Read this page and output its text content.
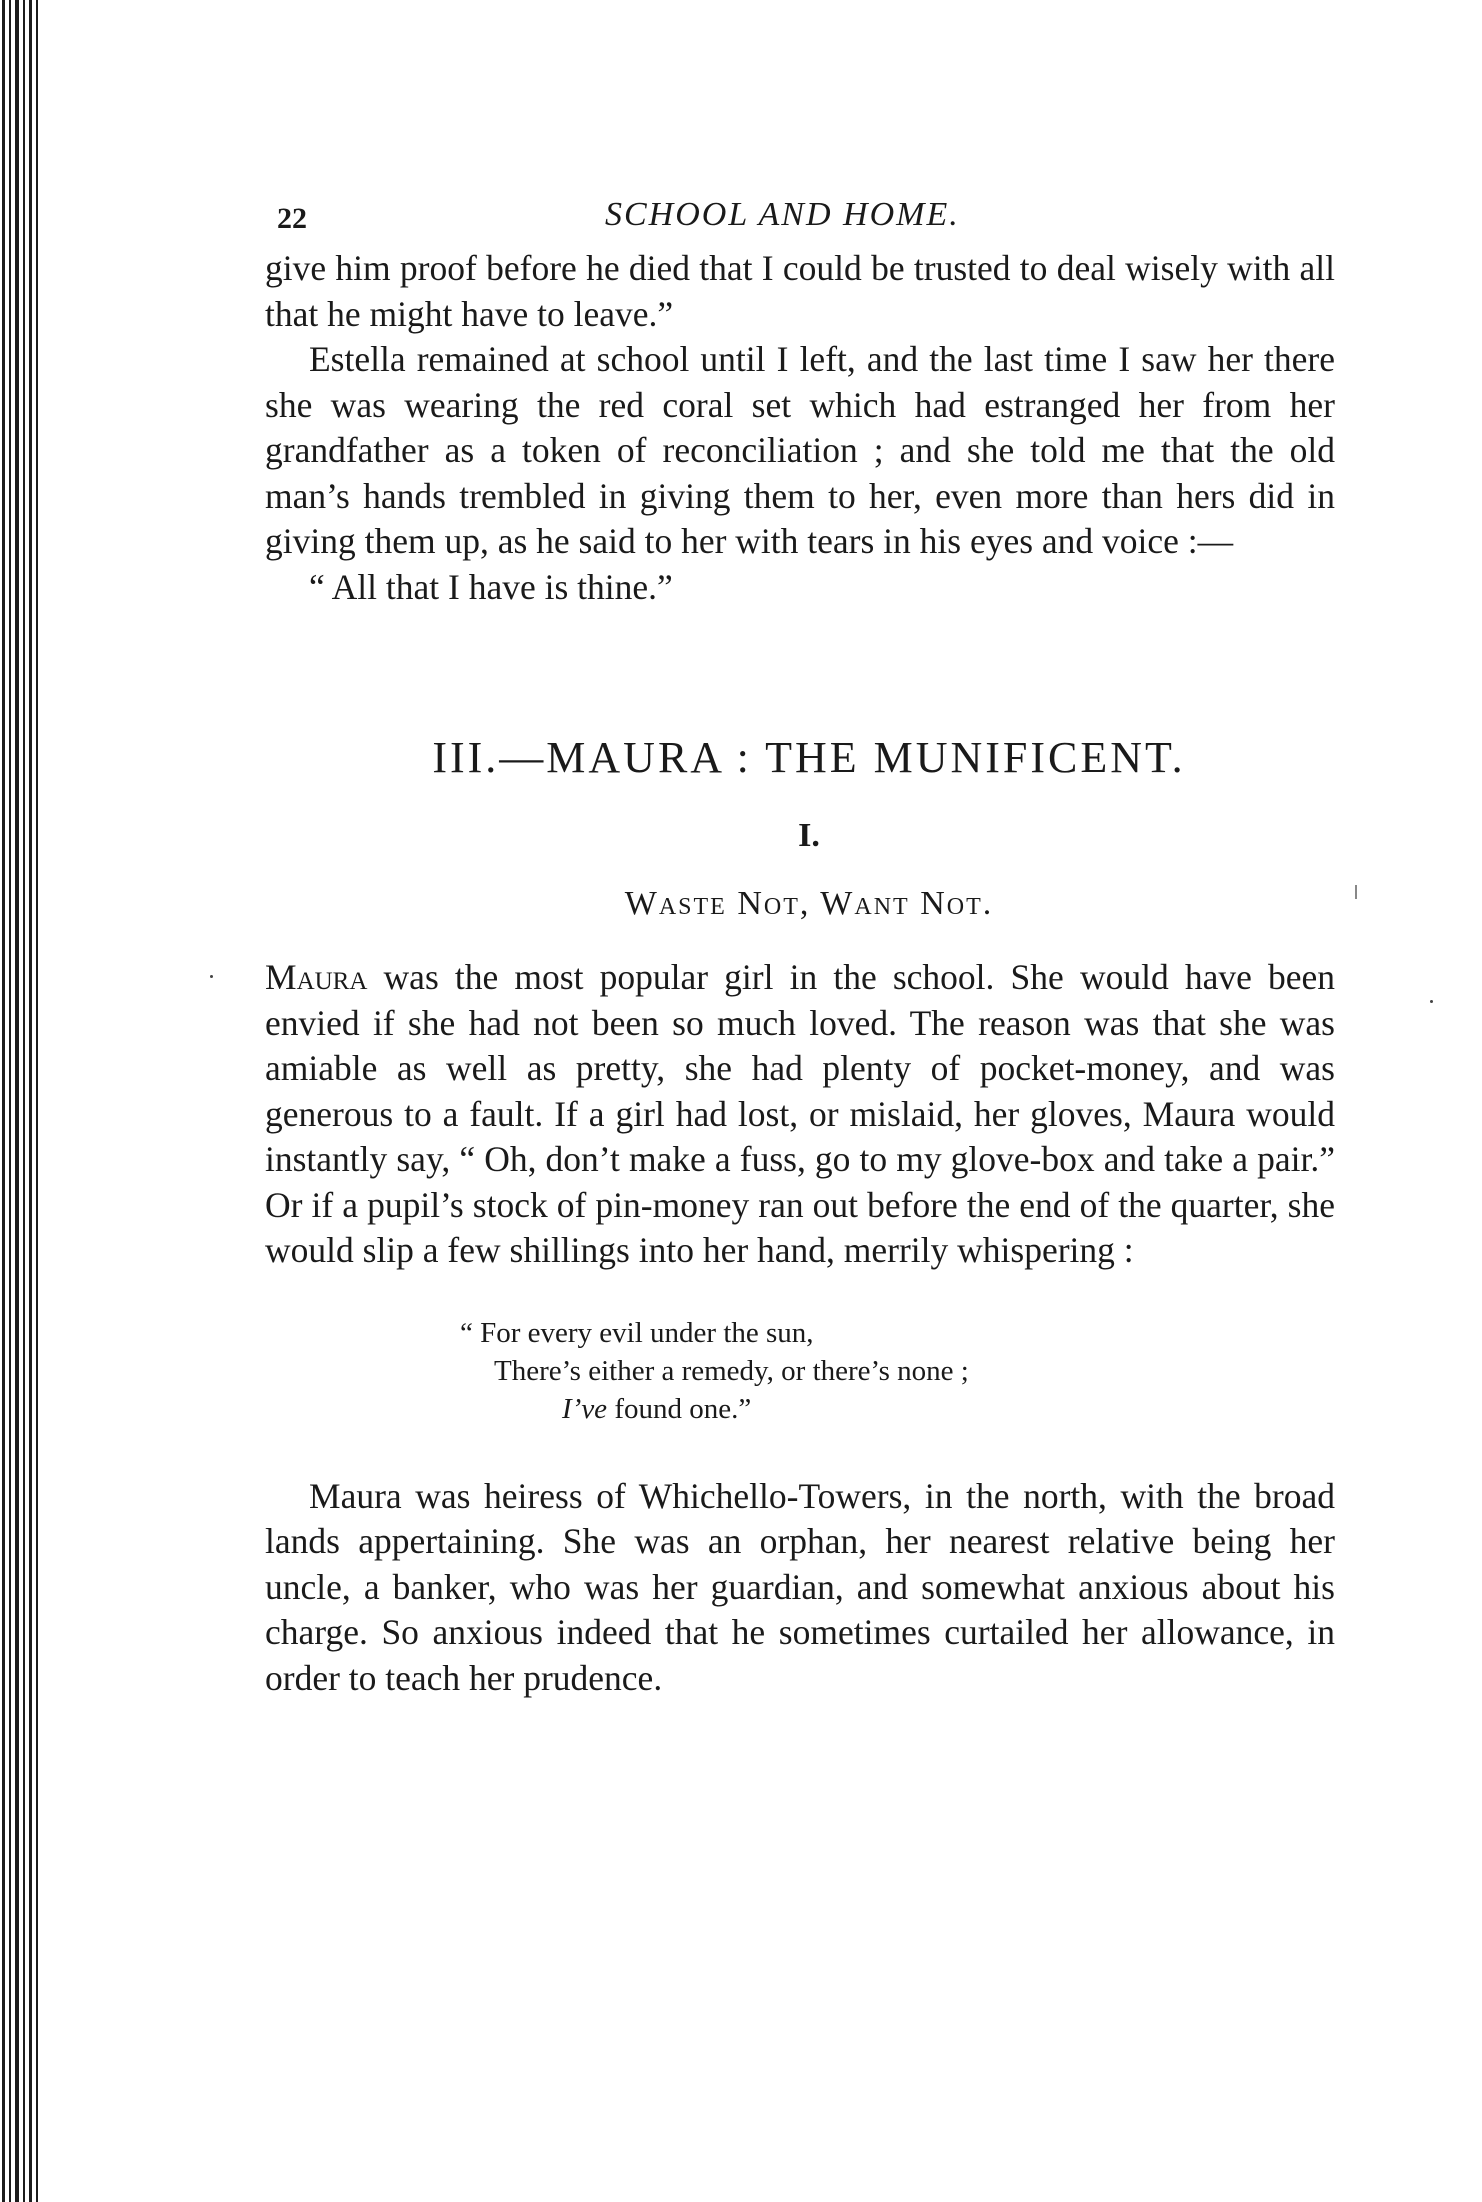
22	SCHOOL AND HOME.

give him proof before he died that I could be trusted to deal wisely with all that he might have to leave.”

Estella remained at school until I left, and the last time I saw her there she was wearing the red coral set which had estranged her from her grandfather as a token of reconciliation ; and she told me that the old man’s hands trembled in giving them to her, even more than hers did in giving them up, as he said to her with tears in his eyes and voice :—

“ All that I have is thine.”

III.—MAURA : THE MUNIFICENT.
I.
Waste Not, Want Not.

Maura was the most popular girl in the school. She would have been envied if she had not been so much loved. The reason was that she was amiable as well as pretty, she had plenty of pocket-money, and was generous to a fault. If a girl had lost, or mislaid, her gloves, Maura would instantly say, “ Oh, don’t make a fuss, go to my glove-box and take a pair.” Or if a pupil’s stock of pin-money ran out before the end of the quarter, she would slip a few shillings into her hand, merrily whispering :

“ For every evil under the sun,
There’s either a remedy, or there’s none ;
I’ve found one.”

Maura was heiress of Whichello-Towers, in the north, with the broad lands appertaining. She was an orphan, her nearest relative being her uncle, a banker, who was her guardian, and somewhat anxious about his charge. So anxious indeed that he sometimes curtailed her allowance, in order to teach her prudence.
